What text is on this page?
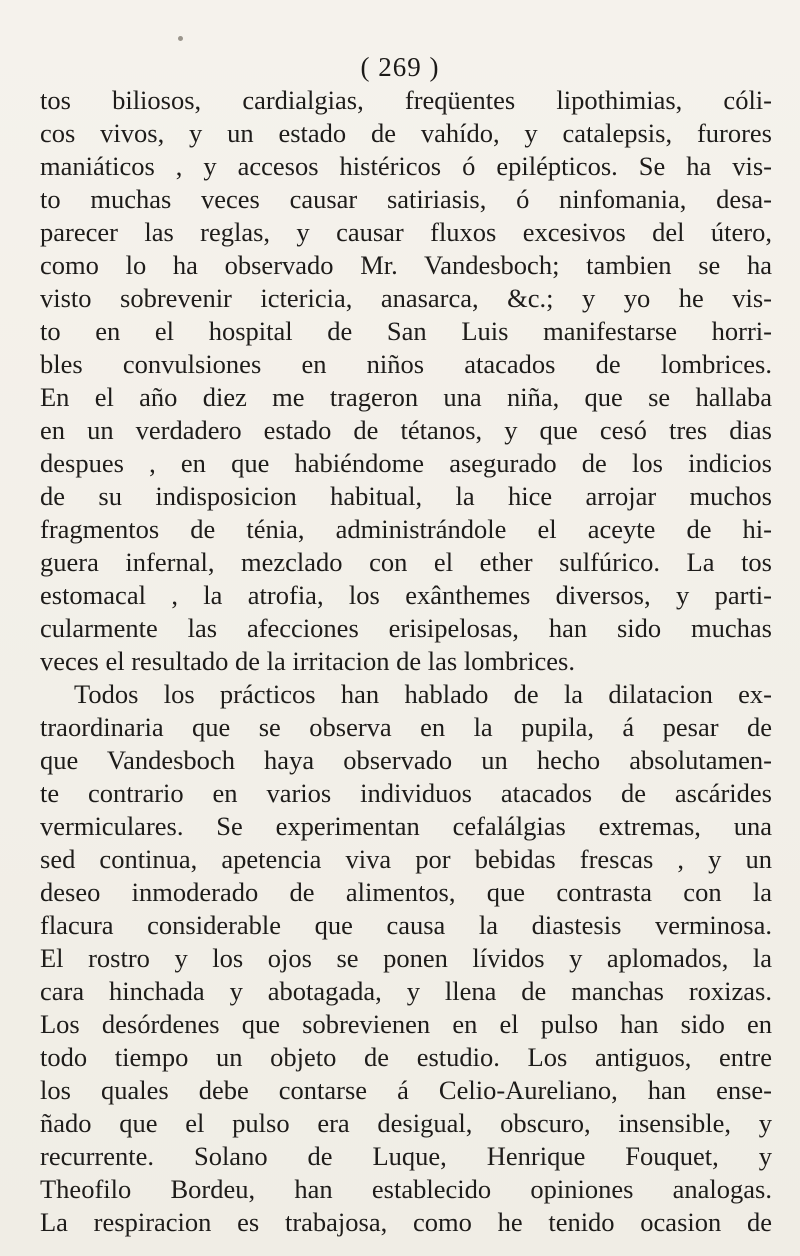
( 269 )
tos biliosos, cardialgias, freqüentes lipothimias, cóli-
cos vivos, y un estado de vahído, y catalepsis, furores
maniáticos , y accesos histéricos ó epilépticos. Se ha vis-
to muchas veces causar satiriasis, ó ninfomania, desa-
parecer las reglas, y causar fluxos excesivos del útero,
como lo ha observado Mr. Vandesboch; tambien se ha
visto sobrevenir ictericia, anasarca, &c.; y yo he vis-
to en el hospital de San Luis manifestarse horri-
bles convulsiones en niños atacados de lombrices.
En el año diez me trageron una niña, que se hallaba
en un verdadero estado de tétanos, y que cesó tres dias
despues , en que habiéndome asegurado de los indicios
de su indisposicion habitual, la hice arrojar muchos
fragmentos de ténia, administrándole el aceyte de hi-
guera infernal, mezclado con el ether sulfúrico. La tos
estomacal , la atrofia, los exânthemes diversos, y parti-
cularmente las afecciones erisipelosas, han sido muchas
veces el resultado de la irritacion de las lombrices.
Todos los prácticos han hablado de la dilatacion ex-
traordinaria que se observa en la pupila, á pesar de
que Vandesboch haya observado un hecho absolutamen-
te contrario en varios individuos atacados de ascárides
vermiculares. Se experimentan cefalálgias extremas, una
sed continua, apetencia viva por bebidas frescas , y un
deseo inmoderado de alimentos, que contrasta con la
flacura considerable que causa la diastesis verminosa.
El rostro y los ojos se ponen lívidos y aplomados, la
cara hinchada y abotagada, y llena de manchas roxizas.
Los desórdenes que sobrevienen en el pulso han sido en
todo tiempo un objeto de estudio. Los antiguos, entre
los quales debe contarse á Celio-Aureliano, han ense-
ñado que el pulso era desigual, obscuro, insensible, y
recurrente. Solano de Luque, Henrique Fouquet, y
Theofilo Bordeu, han establecido opiniones analogas.
La respiracion es trabajosa, como he tenido ocasion de
